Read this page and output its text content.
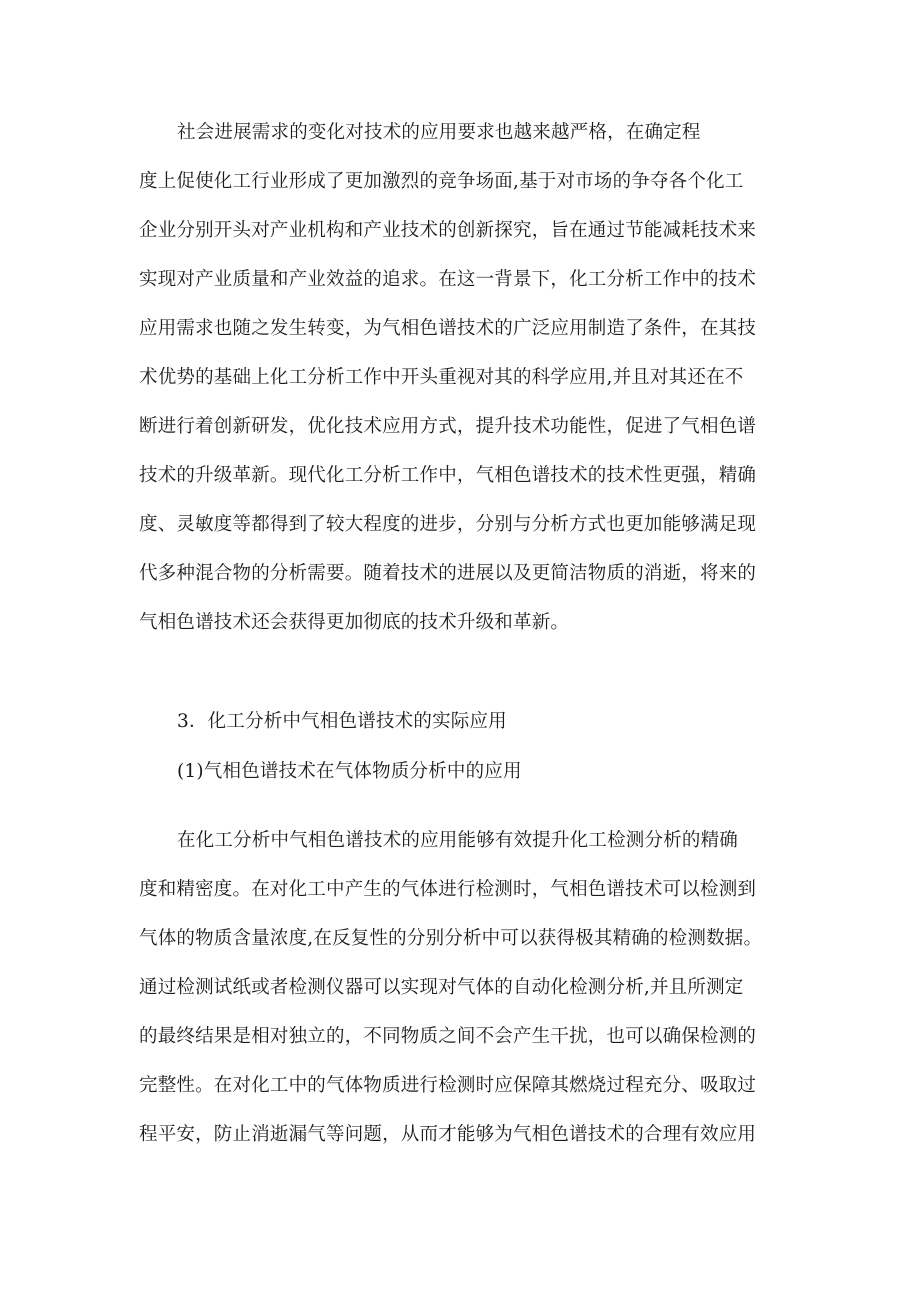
社会进展需求的变化对技术的应用要求也越来越严格，在确定程
度上促使化工行业形成了更加激烈的竞争场面,基于对市场的争夺各个化工
企业分别开头对产业机构和产业技术的创新探究，旨在通过节能减耗技术来
实现对产业质量和产业效益的追求。在这一背景下，化工分析工作中的技术
应用需求也随之发生转变，为气相色谱技术的广泛应用制造了条件，在其技
术优势的基础上化工分析工作中开头重视对其的科学应用,并且对其还在不
断进行着创新研发，优化技术应用方式，提升技术功能性，促进了气相色谱
技术的升级革新。现代化工分析工作中，气相色谱技术的技术性更强，精确
度、灵敏度等都得到了较大程度的进步，分别与分析方式也更加能够满足现
代多种混合物的分析需要。随着技术的进展以及更简洁物质的消逝，将来的
气相色谱技术还会获得更加彻底的技术升级和革新。
3．化工分析中气相色谱技术的实际应用
(1)气相色谱技术在气体物质分析中的应用
在化工分析中气相色谱技术的应用能够有效提升化工检测分析的精确
度和精密度。在对化工中产生的气体进行检测时，气相色谱技术可以检测到
气体的物质含量浓度,在反复性的分别分析中可以获得极其精确的检测数据。
通过检测试纸或者检测仪器可以实现对气体的自动化检测分析,并且所测定
的最终结果是相对独立的，不同物质之间不会产生干扰，也可以确保检测的
完整性。在对化工中的气体物质进行检测时应保障其燃烧过程充分、吸取过
程平安，防止消逝漏气等问题，从而才能够为气相色谱技术的合理有效应用
